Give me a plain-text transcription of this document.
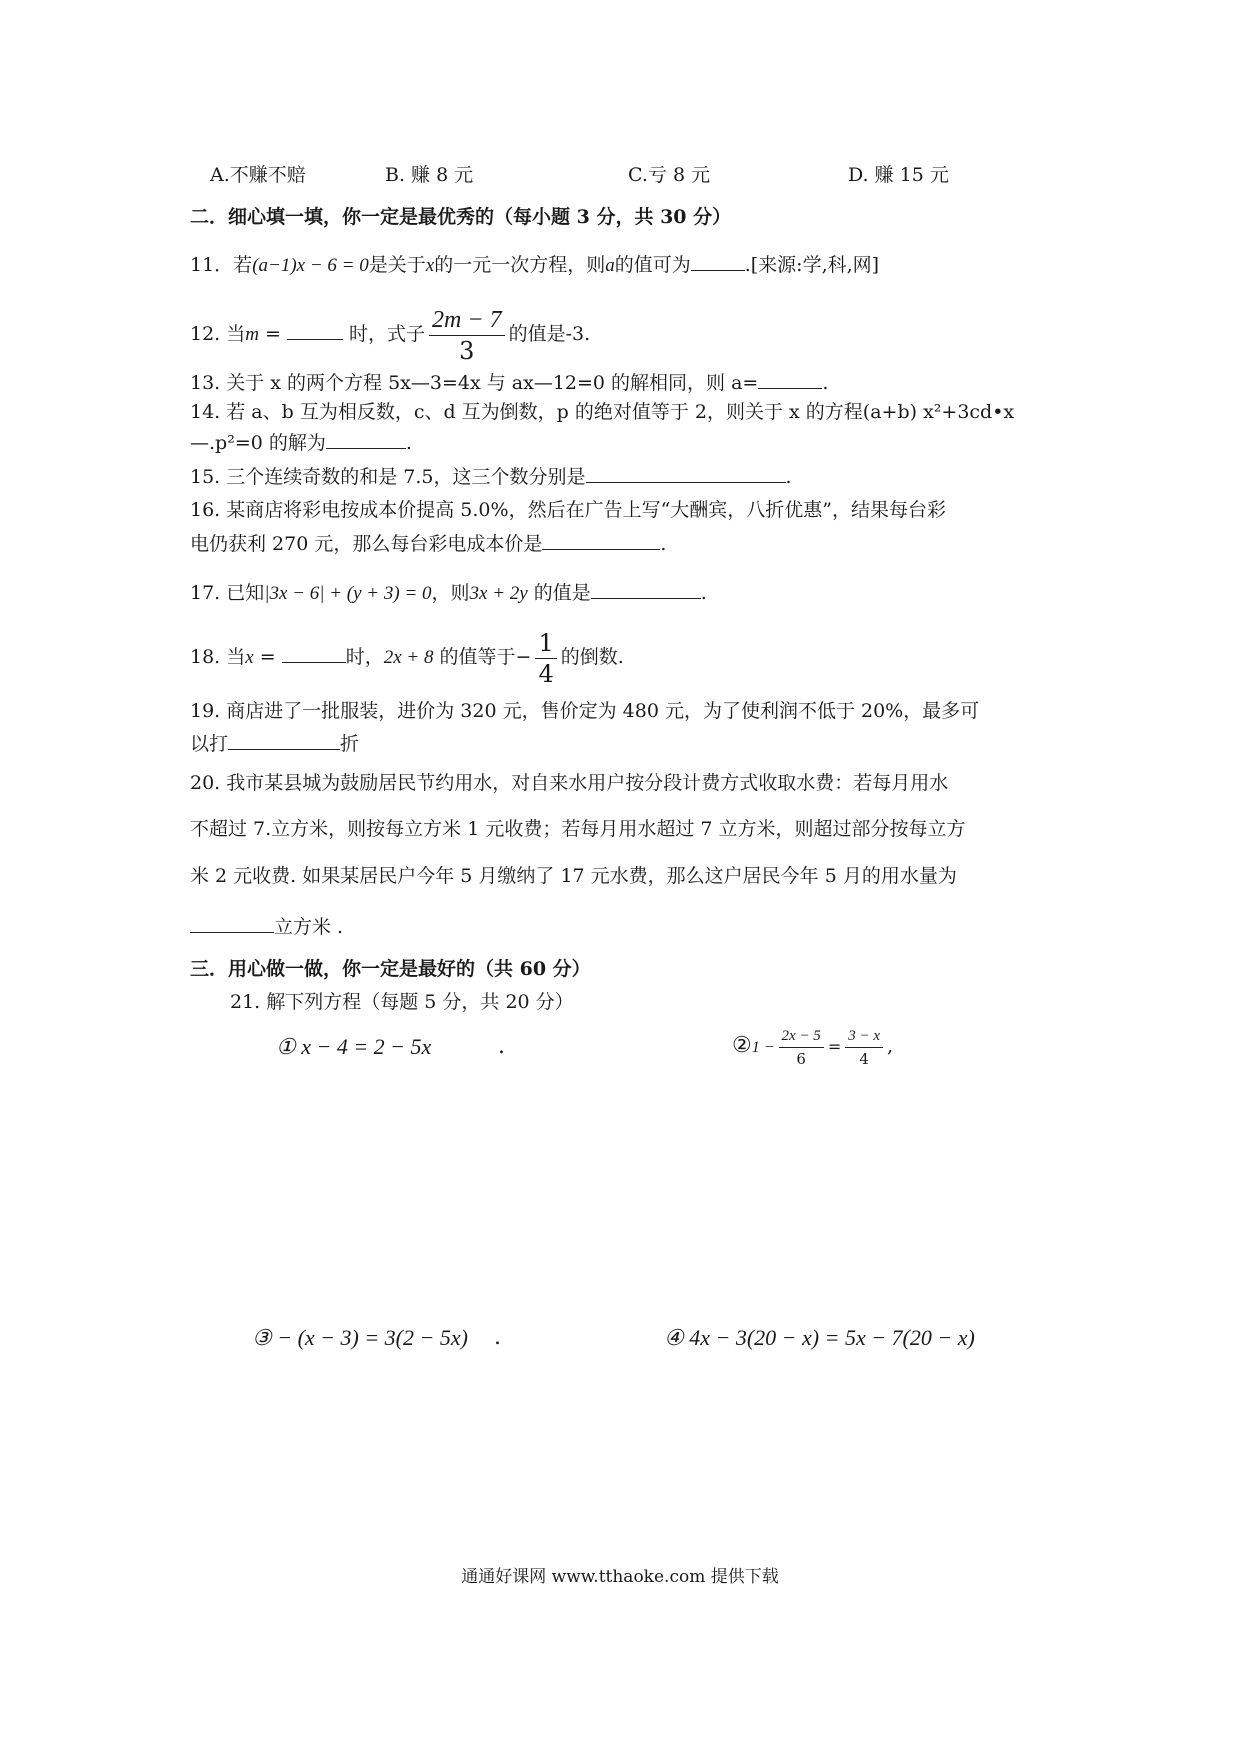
A.不赚不赔	B. 赚 8 元	C.亏 8 元	D. 赚 15 元
二．细心填一填，你一定是最优秀的（每小题 3 分，共 30 分）
11．若(a−1)x − 6 = 0是关于x的一元一次方程，则a的值可为	.[来源:学,科,网]
12. 当m =	时，式子 $\frac{2m - 7}{3}$ 的值是-3.
13. 关于 x 的两个方程 5x—3=4x 与 ax—12=0 的解相同，则 a=	.
14. 若 a、b 互为相反数，c、d 互为倒数，p 的绝对值等于 2，则关于 x 的方程(a+b) x²+3cd•x
—.p²=0 的解为	.
15. 三个连续奇数的和是 7.5，这三个数分别是	.
16. 某商店将彩电按成本价提高 5.0%，然后在广告上写“大酬宾，八折优惠”，结果每台彩
电仍获利 270 元，那么每台彩电成本价是	.
17. 已知|3x − 6| + (y + 3) = 0，则3x + 2y 的值是	.
18. 当x =	时，2x + 8 的值等于− $\frac{1}{4}$ 的倒数.
19. 商店进了一批服装，进价为 320 元，售价定为 480 元，为了使利润不低于 20%，最多可
以打	折
20. 我市某县城为鼓励居民节约用水，对自来水用户按分段计费方式收取水费：若每月用水
不超过 7.立方米，则按每立方米 1 元收费；若每月用水超过 7 立方米，则超过部分按每立方
米 2 元收费. 如果某居民户今年 5 月缴纳了 17 元水费，那么这户居民今年 5 月的用水量为
立方米 .
三．用心做一做，你一定是最好的（共 60 分）
21. 解下列方程（每题 5 分，共 20 分）
① x − 4 = 2 − 5x	.	②1 − $\frac{2x - 5}{6} = \frac{3 - x}{4}$ ,
③ − (x − 3) = 3(2 − 5x) .	④ 4x − 3(20 − x) = 5x − 7(20 − x)
通通好课网 www.tthaoke.com 提供下载
